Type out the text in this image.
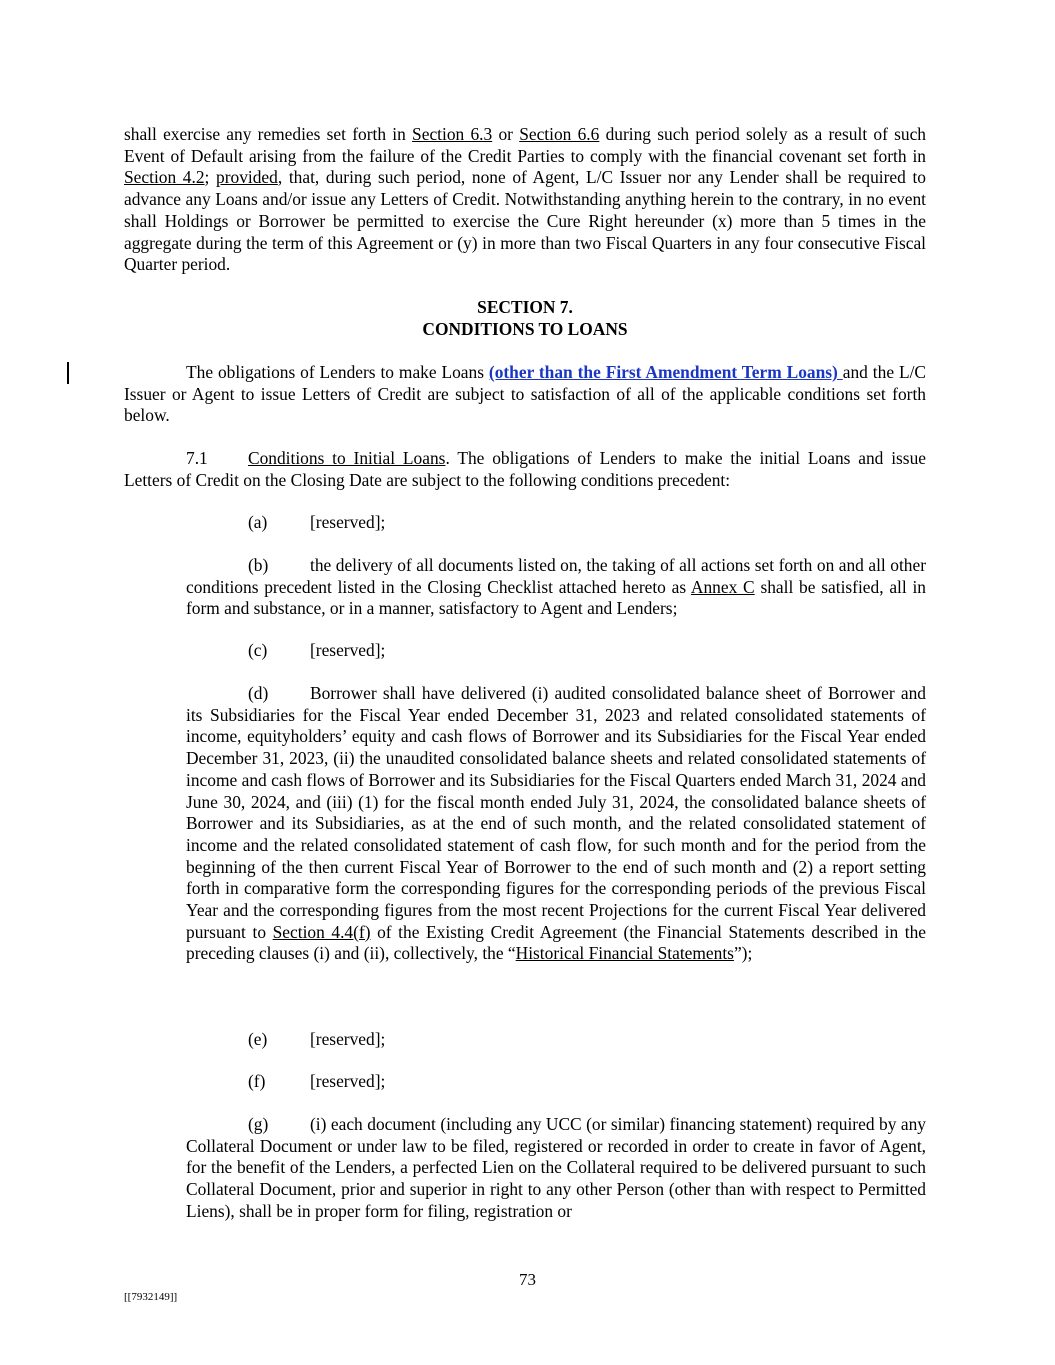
shall exercise any remedies set forth in Section 6.3 or Section 6.6 during such period solely as a result of such Event of Default arising from the failure of the Credit Parties to comply with the financial covenant set forth in Section 4.2; provided, that, during such period, none of Agent, L/C Issuer nor any Lender shall be required to advance any Loans and/or issue any Letters of Credit. Notwithstanding anything herein to the contrary, in no event shall Holdings or Borrower be permitted to exercise the Cure Right hereunder (x) more than 5 times in the aggregate during the term of this Agreement or (y) in more than two Fiscal Quarters in any four consecutive Fiscal Quarter period.

SECTION 7.

CONDITIONS TO LOANS

The obligations of Lenders to make Loans (other than the First Amendment Term Loans) and the L/C Issuer or Agent to issue Letters of Credit are subject to satisfaction of all of the applicable conditions set forth below.

7.1 Conditions to Initial Loans. The obligations of Lenders to make the initial Loans and issue Letters of Credit on the Closing Date are subject to the following conditions precedent:

(a) [reserved];

(b) the delivery of all documents listed on, the taking of all actions set forth on and all other conditions precedent listed in the Closing Checklist attached hereto as Annex C shall be satisfied, all in form and substance, or in a manner, satisfactory to Agent and Lenders;

(c) [reserved];

(d) Borrower shall have delivered (i) audited consolidated balance sheet of Borrower and its Subsidiaries for the Fiscal Year ended December 31, 2023 and related consolidated statements of income, equityholders’ equity and cash flows of Borrower and its Subsidiaries for the Fiscal Year ended December 31, 2023, (ii) the unaudited consolidated balance sheets and related consolidated statements of income and cash flows of Borrower and its Subsidiaries for the Fiscal Quarters ended March 31, 2024 and June 30, 2024, and (iii) (1) for the fiscal month ended July 31, 2024, the consolidated balance sheets of Borrower and its Subsidiaries, as at the end of such month, and the related consolidated statement of income and the related consolidated statement of cash flow, for such month and for the period from the beginning of the then current Fiscal Year of Borrower to the end of such month and (2) a report setting forth in comparative form the corresponding figures for the corresponding periods of the previous Fiscal Year and the corresponding figures from the most recent Projections for the current Fiscal Year delivered pursuant to Section 4.4(f) of the Existing Credit Agreement (the Financial Statements described in the preceding clauses (i) and (ii), collectively, the “Historical Financial Statements”);

(e) [reserved];

(f)	[reserved];

(g) (i) each document (including any UCC (or similar) financing statement) required by any Collateral Document or under law to be filed, registered or recorded in order to create in favor of Agent, for the benefit of the Lenders, a perfected Lien on the Collateral required to be delivered pursuant to such Collateral Document, prior and superior in right to any other Person (other than with respect to Permitted Liens), shall be in proper form for filing, registration or

73
[[7932149]]
